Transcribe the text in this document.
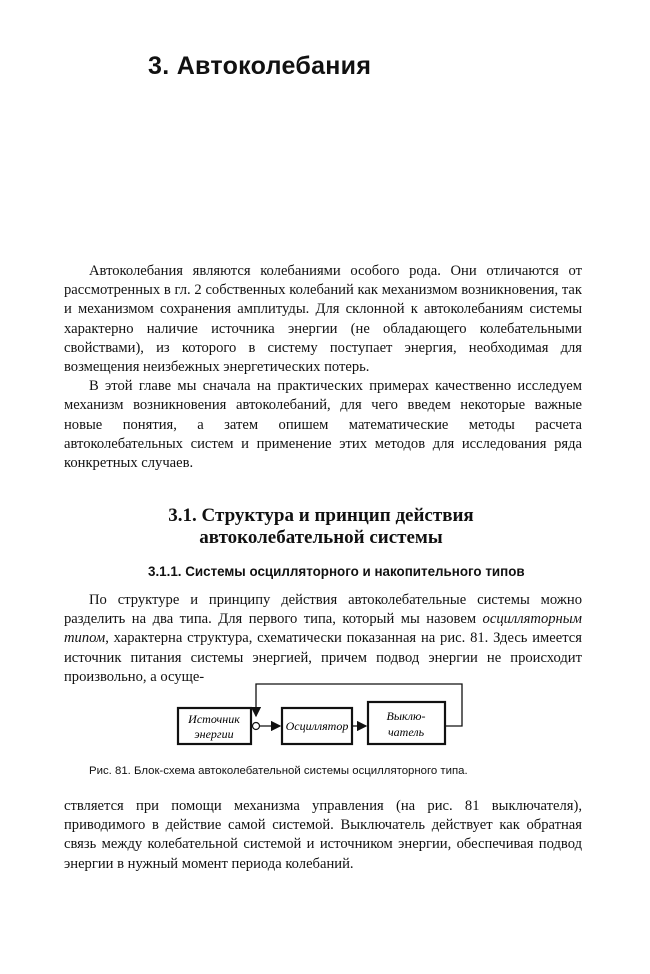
3. Автоколебания

Автоколебания являются колебаниями особого рода. Они отличаются от рассмотренных в гл. 2 собственных колебаний как механизмом возникновения, так и механизмом сохранения амплитуды. Для склонной к автоколебаниям системы характерно наличие источника энергии (не обладающего колебательными свойствами), из которого в систему поступает энергия, необходимая для возмещения неизбежных энергетических потерь.

В этой главе мы сначала на практических примерах качественно исследуем механизм возникновения автоколебаний, для чего введем некоторые важные новые понятия, а затем опишем математические методы расчета автоколебательных систем и применение этих методов для исследования ряда конкретных случаев.

3.1. Структура и принцип действия
автоколебательной системы
3.1.1. Системы осцилляторного и накопительного типов

По структуре и принципу действия автоколебательные системы можно разделить на два типа. Для первого типа, который мы назовем осцилляторным типом, характерна структура, схематически показанная на рис. 81. Здесь имеется источник питания системы энергией, причем подвод энергии не происходит произвольно, а осуще-

Источник
энергии
Осциллятор
Выклю-
чатель

Рис. 81. Блок-схема автоколебательной системы осцилляторного типа.

ствляется при помощи механизма управления (на рис. 81 выключателя), приводимого в действие самой системой. Выключатель действует как обратная связь между колебательной системой и источником энергии, обеспечивая подвод энергии в нужный момент периода колебаний.
